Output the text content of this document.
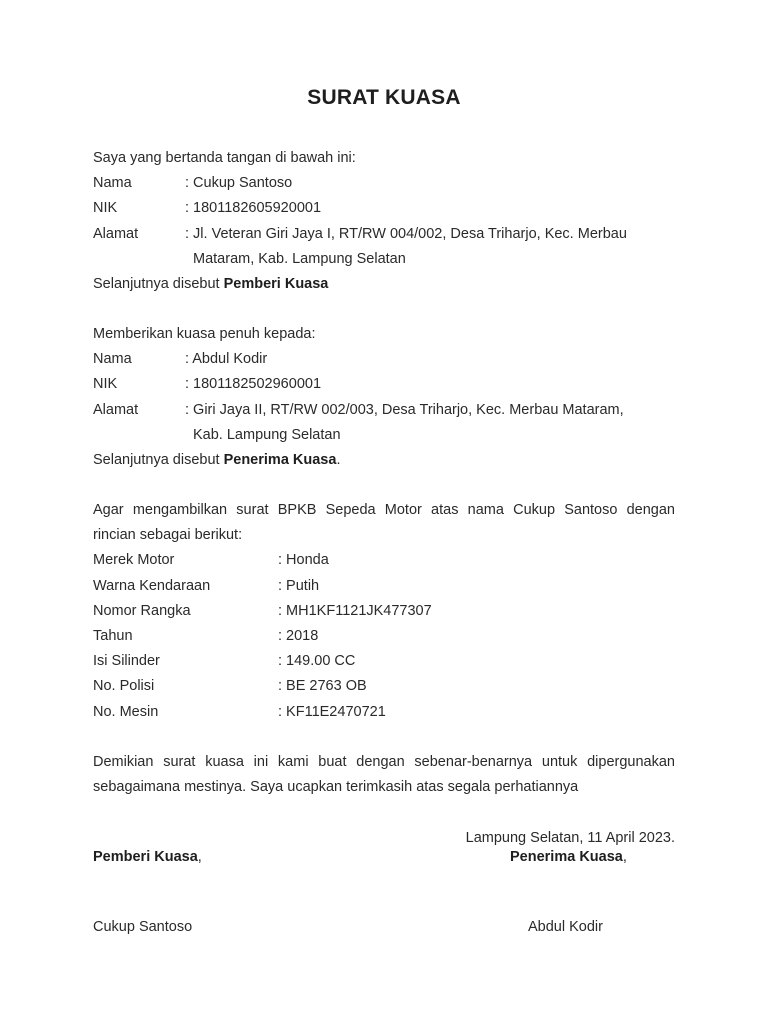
SURAT KUASA
Saya yang bertanda tangan di bawah ini:
Nama	: Cukup Santoso
NIK	: 1801182605920001
Alamat	: Jl. Veteran Giri Jaya I, RT/RW 004/002, Desa Triharjo, Kec. Merbau
Mataram, Kab. Lampung Selatan
Selanjutnya disebut Pemberi Kuasa
Memberikan kuasa penuh kepada:
Nama	: Abdul Kodir
NIK	: 1801182502960001
Alamat	: Giri Jaya II, RT/RW 002/003, Desa Triharjo, Kec. Merbau Mataram,
Kab. Lampung Selatan
Selanjutnya disebut Penerima Kuasa.
Agar mengambilkan surat BPKB Sepeda Motor atas nama Cukup Santoso dengan
rincian sebagai berikut:
Merek Motor	: Honda
Warna Kendaraan	: Putih
Nomor Rangka	: MH1KF1121JK477307
Tahun	: 2018
Isi Silinder	: 149.00 CC
No. Polisi	: BE 2763 OB
No. Mesin	: KF11E2470721
Demikian surat kuasa ini kami buat dengan sebenar-benarnya untuk dipergunakan
sebagaimana mestinya. Saya ucapkan terimkasih atas segala perhatiannya
Lampung Selatan, 11 April 2023.
Pemberi Kuasa,	Penerima Kuasa,
Cukup Santoso	Abdul Kodir
